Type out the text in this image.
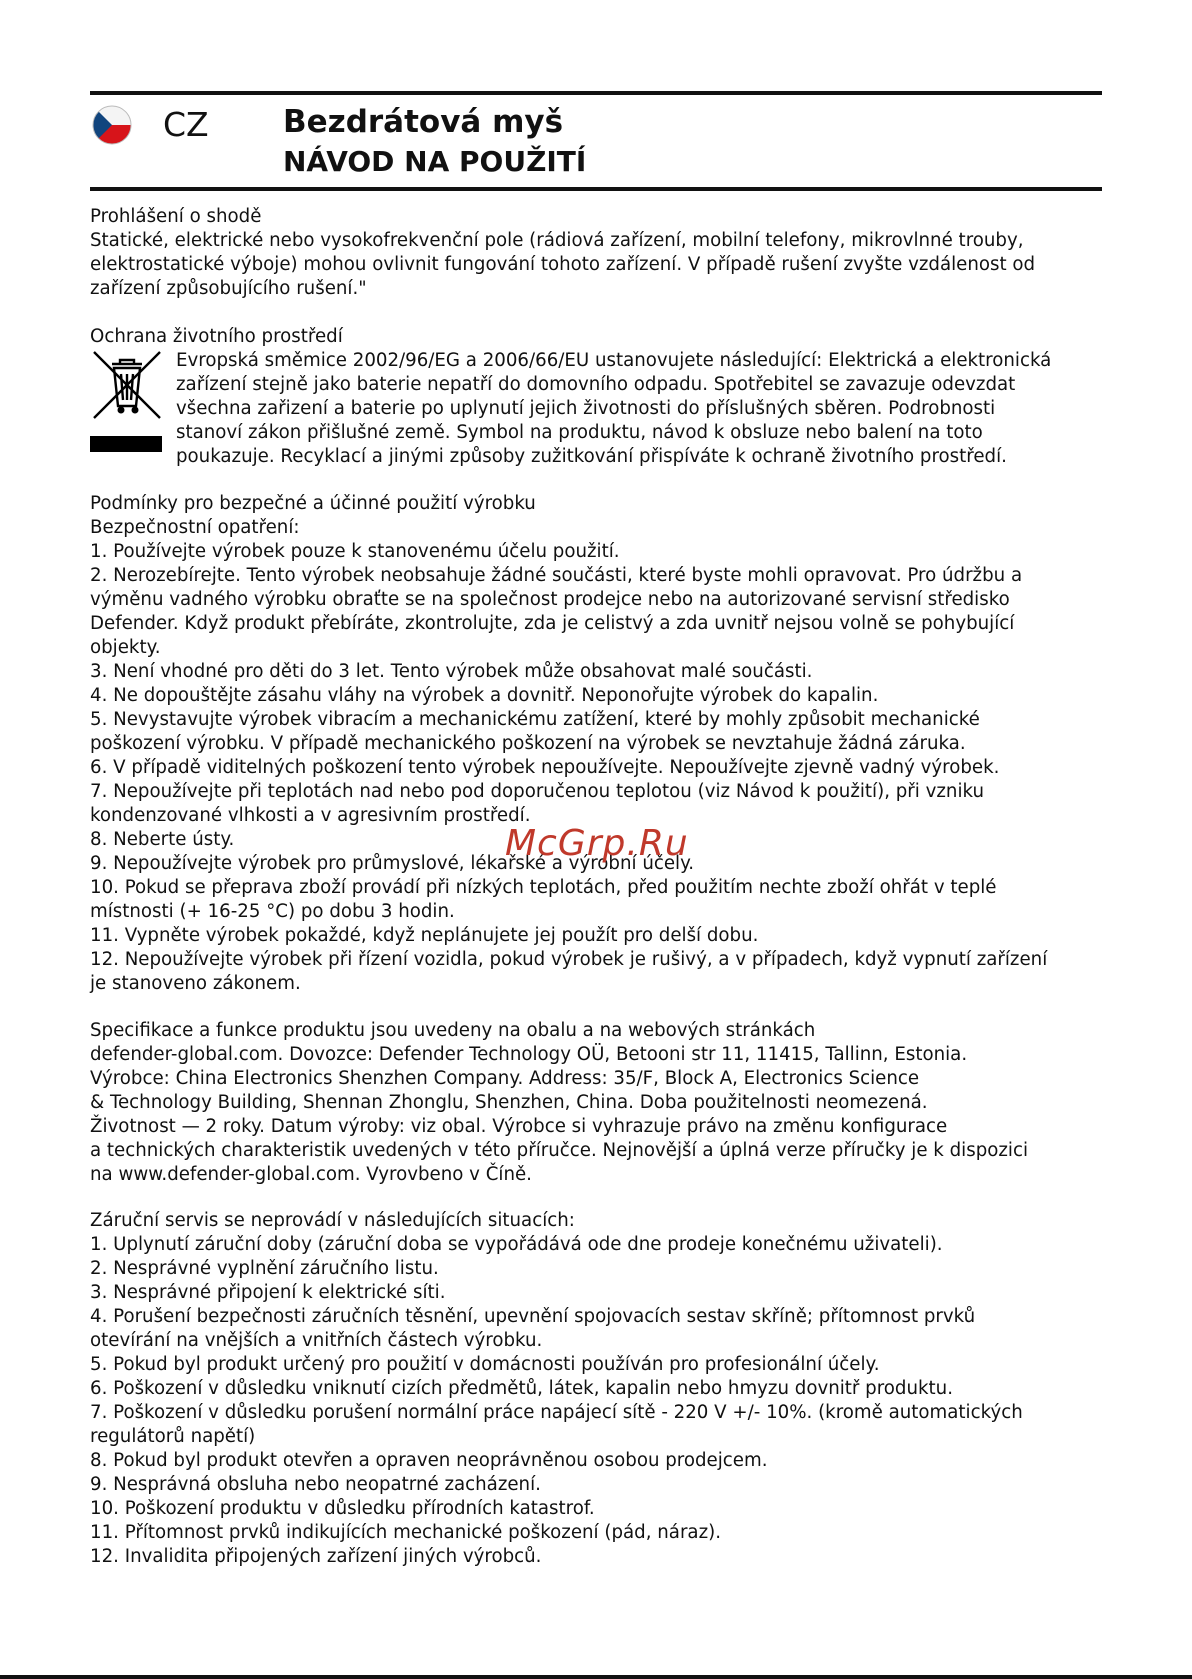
CZ Bezdrátová myš
NÁVOD NA POUŽITÍ

Prohlášení o shodě

Statické, elektrické nebo vysokofrekvenční pole (rádiová zařízení, mobilní telefony, mikrovlnné trouby,

elektrostatické výboje) mohou ovlivnit fungování tohoto zařízení. V případě rušení zvyšte vzdálenost od

zařízení způsobujícího rušení."

Ochrana životního prostředí

Evropská směmice 2002/96/EG a 2006/66/EU ustanovujete následující: Elektrická a elektronická

zařízení stejně jako baterie nepatří do domovního odpadu. Spotřebitel se zavazuje odevzdat

všechna zařizení a baterie po uplynutí jejich životnosti do příslušných sběren. Podrobnosti

stanoví zákon přišlušné země. Symbol na produktu, návod k obsluze nebo balení na toto

poukazuje. Recyklací a jinými způsoby zužitkování přispíváte k ochraně životního prostředí.

Podmínky pro bezpečné a účinné použití výrobku

Bezpečnostní opatření:

1. Používejte výrobek pouze k stanovenému účelu použití.

2. Nerozebírejte. Tento výrobek neobsahuje žádné součásti, které byste mohli opravovat. Pro údržbu a

výměnu vadného výrobku obraťte se na společnost prodejce nebo na autorizované servisní středisko

Defender. Když produkt přebíráte, zkontrolujte, zda je celistvý a zda uvnitř nejsou volně se pohybující

objekty.

3. Není vhodné pro děti do 3 let. Tento výrobek může obsahovat malé součásti.

4. Ne dopouštějte zásahu vláhy na výrobek a dovnitř. Neponořujte výrobek do kapalin.

5. Nevystavujte výrobek vibracím a mechanickému zatížení, které by mohly způsobit mechanické

poškození výrobku. V případě mechanického poškození na výrobek se nevztahuje žádná záruka.

6. V případě viditelných poškození tento výrobek nepoužívejte. Nepoužívejte zjevně vadný výrobek.

7. Nepoužívejte při teplotách nad nebo pod doporučenou teplotou (viz Návod k použití), při vzniku

kondenzované vlhkosti a v agresivním prostředí.

8. Neberte ústy.

9. Nepoužívejte výrobek pro průmyslové, lékařské a výrobní účely.

10. Pokud se přeprava zboží provádí při nízkých teplotách, před použitím nechte zboží ohřát v teplé

místnosti (+ 16-25 °C) po dobu 3 hodin.

11. Vypněte výrobek pokaždé, když neplánujete jej použít pro delší dobu.

12. Nepoužívejte výrobek při řízení vozidla, pokud výrobek je rušivý, a v případech, když vypnutí zařízení

je stanoveno zákonem.

Specifikace a funkce produktu jsou uvedeny na obalu a na webových stránkách

defender-global.com. Dovozce: Defender Technology OÜ, Betooni str 11, 11415, Tallinn, Estonia.

Výrobce: China Electronics Shenzhen Company. Address: 35/F, Block A, Electronics Science

& Technology Building, Shennan Zhonglu, Shenzhen, China. Doba použitelnosti neomezená.

Životnost — 2 roky. Datum výroby: viz obal. Výrobce si vyhrazuje právo na změnu konfigurace

a technických charakteristik uvedených v této příručce. Nejnovější a úplná verze příručky je k dispozici

na www.defender-global.com. Vyrovbeno v Číně.

Záruční servis se neprovádí v následujících situacích:

1. Uplynutí záruční doby (záruční doba se vypořádává ode dne prodeje konečnému uživateli).

2. Nesprávné vyplnění záručního listu.

3. Nesprávné připojení k elektrické síti.

4. Porušení bezpečnosti záručních těsnění, upevnění spojovacích sestav skříně; přítomnost prvků

otevírání na vnějších a vnitřních částech výrobku.

5. Pokud byl produkt určený pro použití v domácnosti používán pro profesionální účely.

6. Poškození v důsledku vniknutí cizích předmětů, látek, kapalin nebo hmyzu dovnitř produktu.

7. Poškození v důsledku porušení normální práce napájecí sítě - 220 V +/- 10%. (kromě automatických

regulátorů napětí)

8. Pokud byl produkt otevřen a opraven neoprávněnou osobou prodejcem.

9. Nesprávná obsluha nebo neopatrné zacházení.

10. Poškození produktu v důsledku přírodních katastrof.

11. Přítomnost prvků indikujících mechanické poškození (pád, náraz).

12. Invalidita připojených zařízení jiných výrobců.

McGrp.Ru
